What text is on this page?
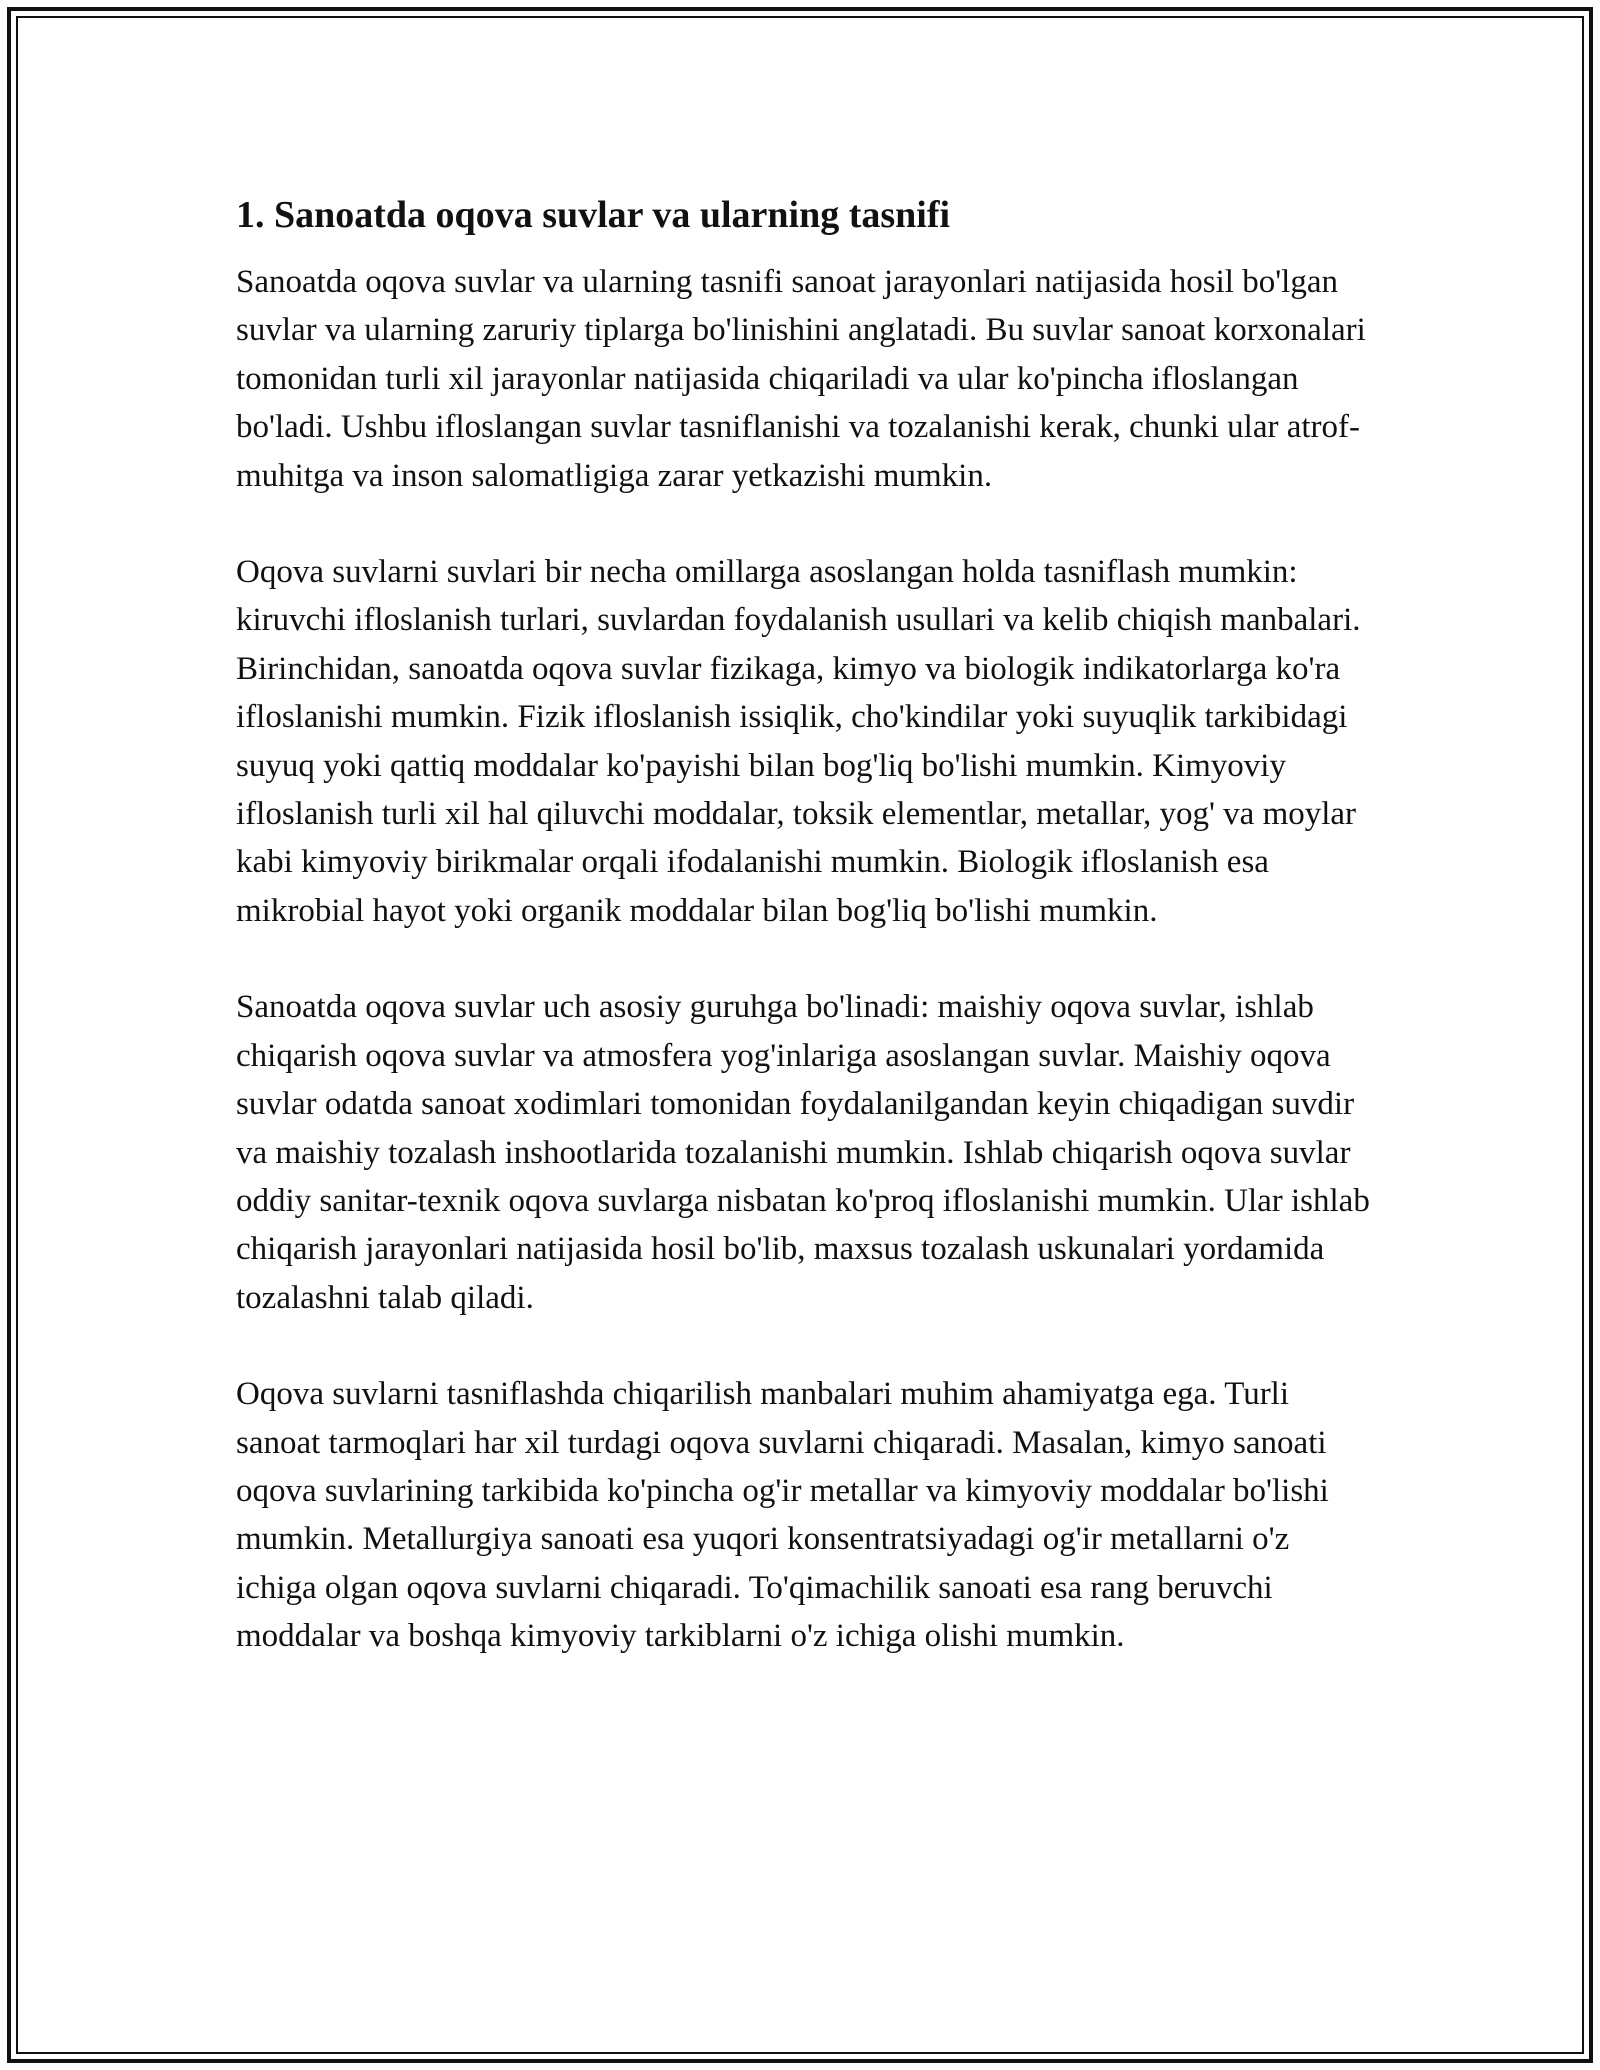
1. Sanoatda oqova suvlar va ularning tasnifi

Sanoatda oqova suvlar va ularning tasnifi sanoat jarayonlari natijasida hosil bo'lgan suvlar va ularning zaruriy tiplarga bo'linishini anglatadi. Bu suvlar sanoat korxonalari tomonidan turli xil jarayonlar natijasida chiqariladi va ular ko'pincha ifloslangan bo'ladi. Ushbu ifloslangan suvlar tasniflanishi va tozalanishi kerak, chunki ular atrof-muhitga va inson salomatligiga zarar yetkazishi mumkin.

Oqova suvlarni suvlari bir necha omillarga asoslangan holda tasniflash mumkin: kiruvchi ifloslanish turlari, suvlardan foydalanish usullari va kelib chiqish manbalari. Birinchidan, sanoatda oqova suvlar fizikaga, kimyo va biologik indikatorlarga ko'ra ifloslanishi mumkin. Fizik ifloslanish issiqlik, cho'kindilar yoki suyuqlik tarkibidagi suyuq yoki qattiq moddalar ko'payishi bilan bog'liq bo'lishi mumkin. Kimyoviy ifloslanish turli xil hal qiluvchi moddalar, toksik elementlar, metallar, yog' va moylar kabi kimyoviy birikmalar orqali ifodalanishi mumkin. Biologik ifloslanish esa mikrobial hayot yoki organik moddalar bilan bog'liq bo'lishi mumkin.

Sanoatda oqova suvlar uch asosiy guruhga bo'linadi: maishiy oqova suvlar, ishlab chiqarish oqova suvlar va atmosfera yog'inlariga asoslangan suvlar. Maishiy oqova suvlar odatda sanoat xodimlari tomonidan foydalanilgandan keyin chiqadigan suvdir va maishiy tozalash inshootlarida tozalanishi mumkin. Ishlab chiqarish oqova suvlar oddiy sanitar-texnik oqova suvlarga nisbatan ko'proq ifloslanishi mumkin. Ular ishlab chiqarish jarayonlari natijasida hosil bo'lib, maxsus tozalash uskunalari yordamida tozalashni talab qiladi.

Oqova suvlarni tasniflashda chiqarilish manbalari muhim ahamiyatga ega. Turli sanoat tarmoqlari har xil turdagi oqova suvlarni chiqaradi. Masalan, kimyo sanoati oqova suvlarining tarkibida ko'pincha og'ir metallar va kimyoviy moddalar bo'lishi mumkin. Metallurgiya sanoati esa yuqori konsentratsiyadagi og'ir metallarni o'z ichiga olgan oqova suvlarni chiqaradi. To'qimachilik sanoati esa rang beruvchi moddalar va boshqa kimyoviy tarkiblarni o'z ichiga olishi mumkin.
